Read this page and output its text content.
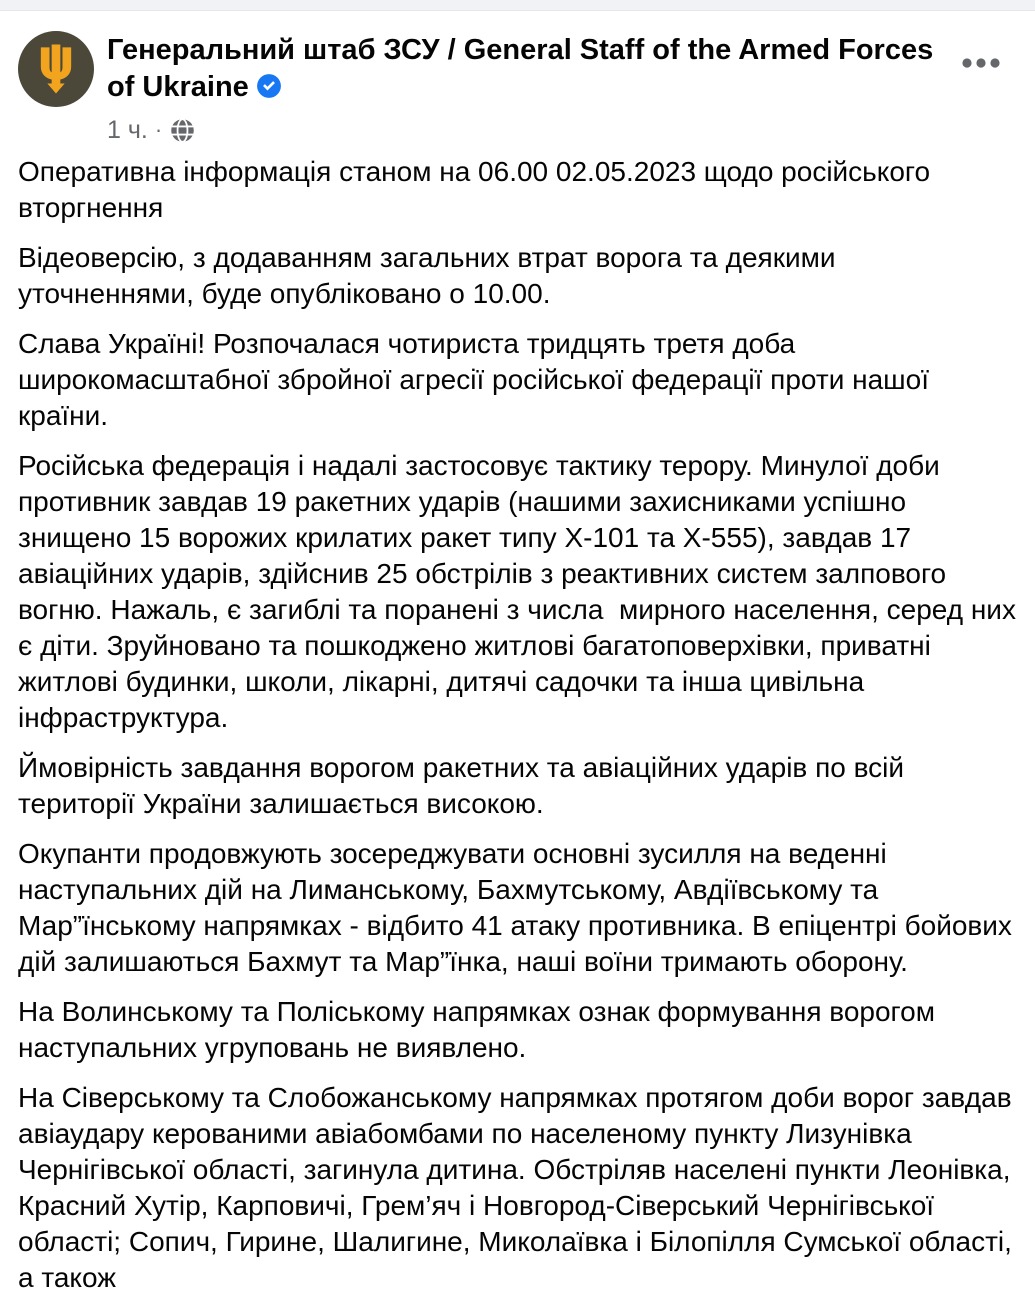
Генеральний штаб ЗСУ / General Staff of the Armed Forces of Ukraine
1 ч. ·

Оперативна інформація станом на 06.00 02.05.2023 щодо російського вторгнення

Відеоверсію, з додаванням загальних втрат ворога та деякими уточненнями, буде опубліковано о 10.00.

Слава Україні! Розпочалася чотириста тридцять третя доба широкомасштабної збройної агресії російської федерації проти нашої країни.

Російська федерація і надалі застосовує тактику терору. Минулої доби противник завдав 19 ракетних ударів (нашими захисниками успішно знищено 15 ворожих крилатих ракет типу Х-101 та Х-555), завдав 17 авіаційних ударів, здійснив 25 обстрілів з реактивних систем залпового вогню. Нажаль, є загиблі та поранені з числа  мирного населення, серед них є діти. Зруйновано та пошкоджено житлові багатоповерхівки, приватні житлові будинки, школи, лікарні, дитячі садочки та інша цивільна інфраструктура.

Ймовірність завдання ворогом ракетних та авіаційних ударів по всій території України залишається високою.

Окупанти продовжують зосереджувати основні зусилля на веденні наступальних дій на Лиманському, Бахмутському, Авдіївському та Мар”їнському напрямках - відбито 41 атаку противника. В епіцентрі бойових дій залишаються Бахмут та Мар”їнка, наші воїни тримають оборону.

На Волинському та Поліському напрямках ознак формування ворогом наступальних угруповань не виявлено.

На Сіверському та Слобожанському напрямках протягом доби ворог завдав авіаудару керованими авіабомбами по населеному пункту Лизунівка Чернігівської області, загинула дитина. Обстріляв населені пункти Леонівка, Красний Хутір, Карповичі, Грем’яч і Новгород-Сіверський Чернігівської області; Сопич, Гирине, Шалигине, Миколаївка і Білопілля Сумської області, а також
